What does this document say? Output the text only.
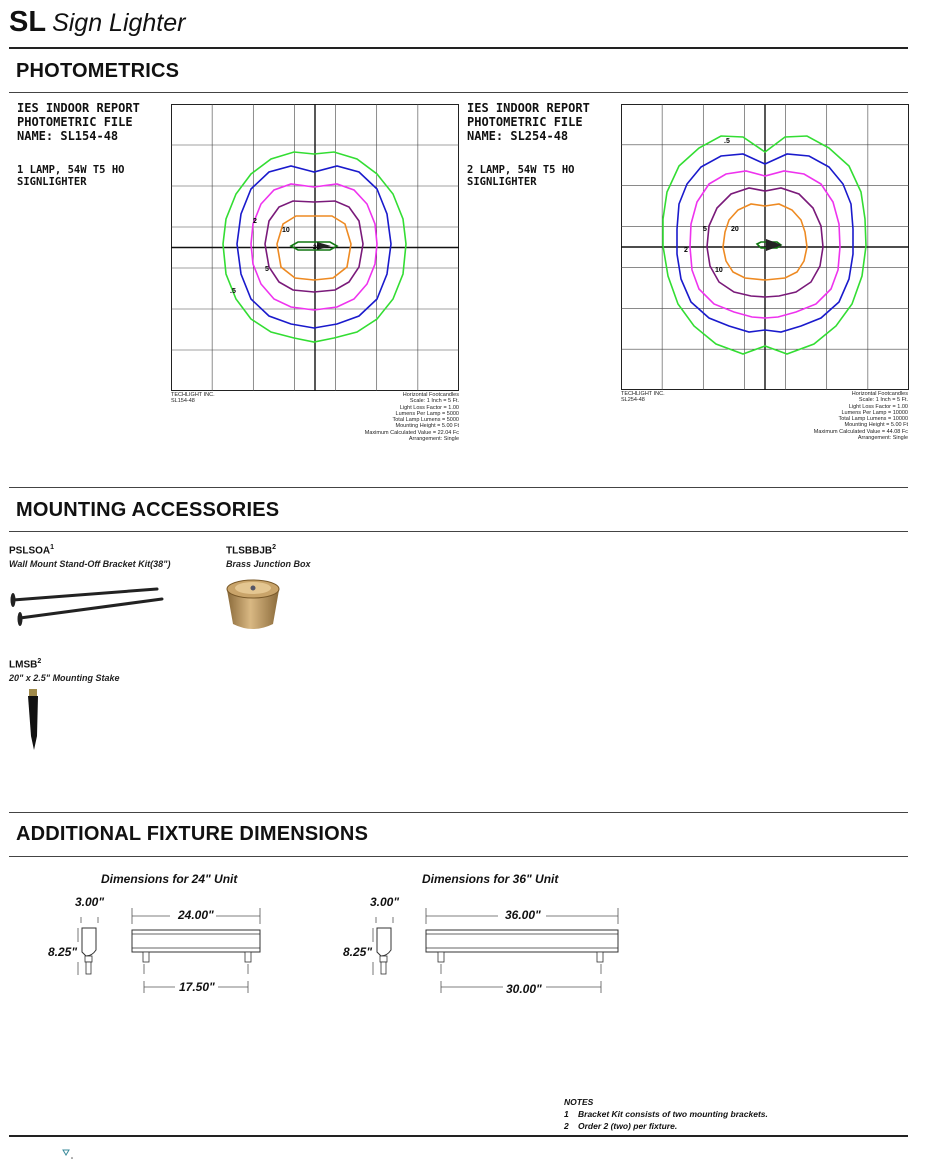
SL Sign Lighter
PHOTOMETRICS
IES INDOOR REPORT
PHOTOMETRIC FILE
NAME: SL154-48
1 LAMP, 54W T5 HO
SIGNLIGHTER
IES INDOOR REPORT
PHOTOMETRIC FILE
NAME: SL254-48
2 LAMP, 54W T5 HO
SIGNLIGHTER
10
2
5
.5
20
TECHLIGHT INC.
SL154-48
Horizontal Footcandles
Scale: 1 Inch = 5 Ft.
Light Loss Factor = 1.00
Lumens Per Lamp = 5000
Total Lamp Lumens = 5000
Mounting Height = 5.00 Ft
Maximum Calculated Value = 22.04 Fc
Arrangement: Single
.5
20
5
2
10
TECHLIGHT INC.
SL254-48
Horizontal Footcandles
Scale: 1 Inch = 5 Ft.
Light Loss Factor = 1.00
Lumens Per Lamp = 10000
Total Lamp Lumens = 10000
Mounting Height = 5.00 Ft
Maximum Calculated Value = 44.08 Fc
Arrangement: Single
MOUNTING ACCESSORIES
PSLSOA$^1$
Wall Mount Stand-Off Bracket Kit(38")
TLSBBJB$^2$
Brass Junction Box
LMSB$^2$
20" x 2.5" Mounting Stake
ADDITIONAL FIXTURE DIMENSIONS
Dimensions for 24" Unit
3.00"
8.25"
24.00"
17.50"
Dimensions for 36" Unit
3.00"
8.25"
36.00"
30.00"
NOTES
1 Bracket Kit consists of two mounting brackets.
2 Order 2 (two) per fixture.
